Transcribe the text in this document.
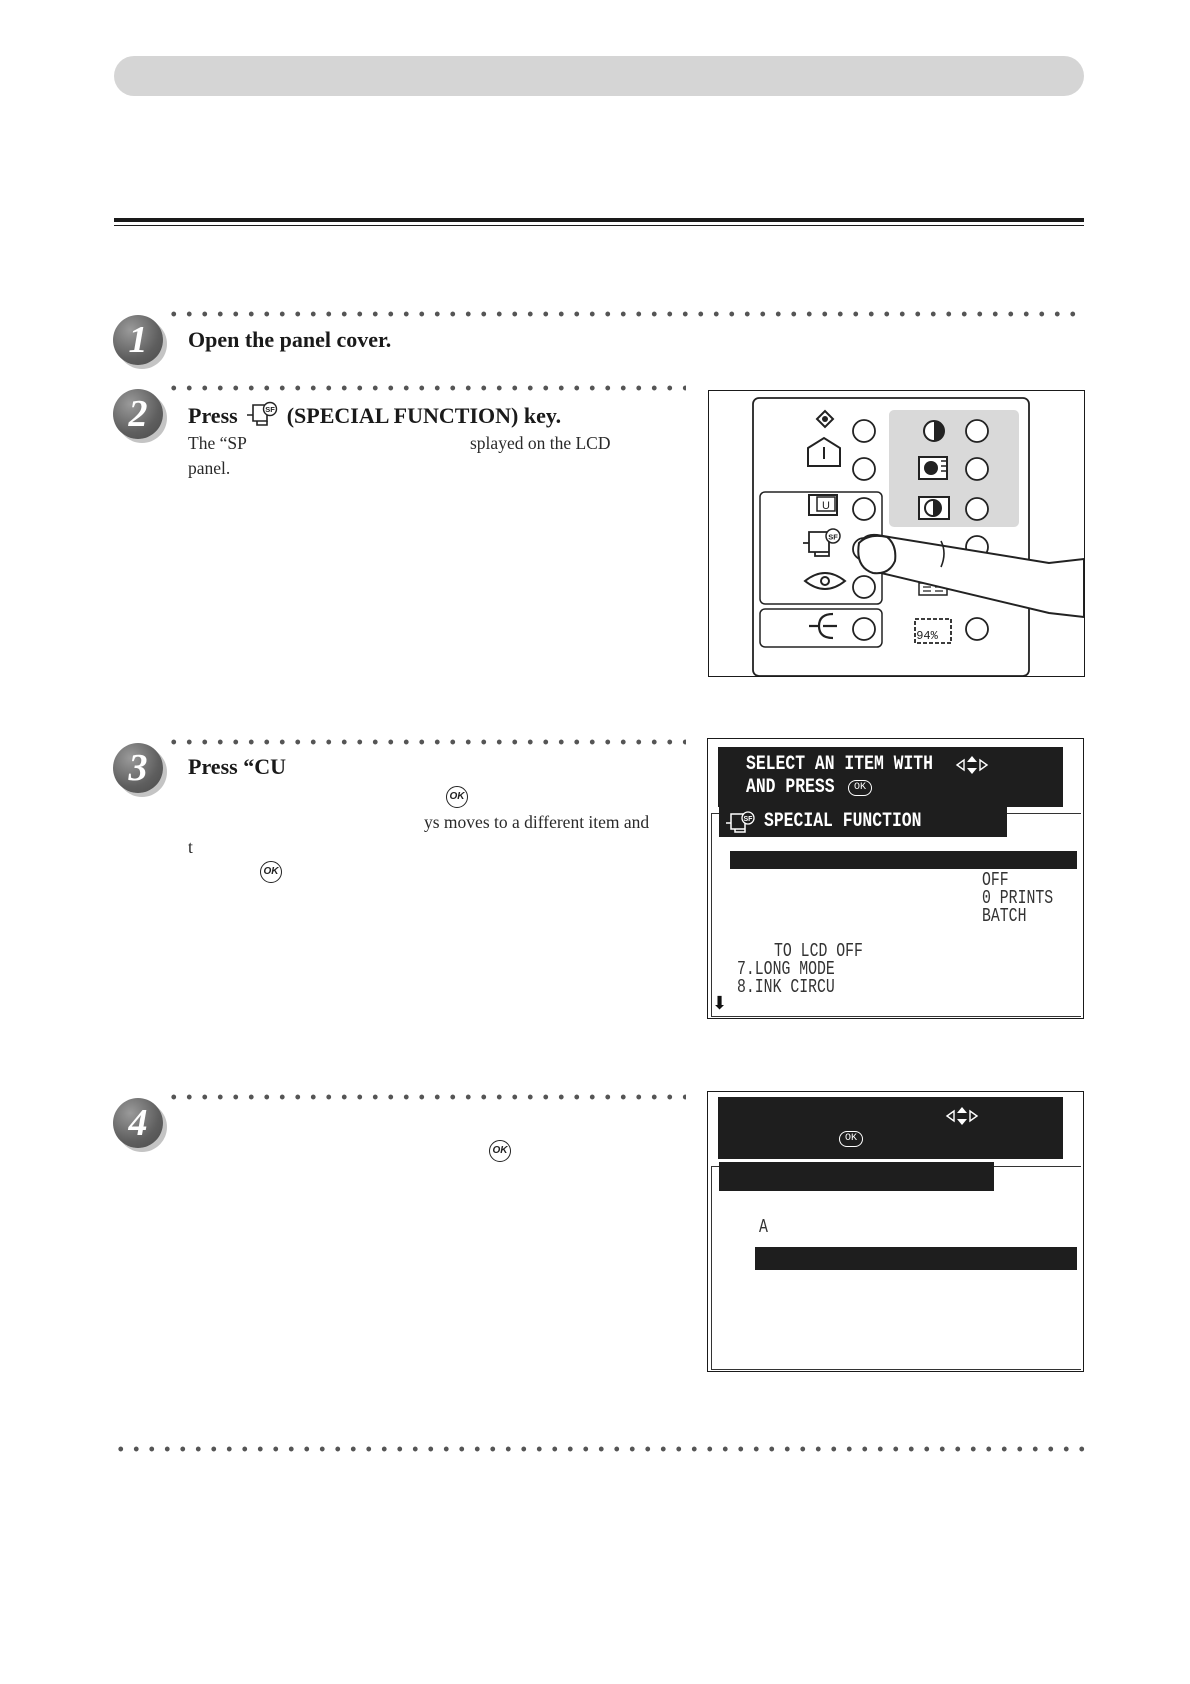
1	Open the panel cover.
2	Press	SF (SPECIAL FUNCTION) key.
The “SP	splayed on the LCD
panel.
U
SF
94%
3	Press “CU
OK
ys moves to a different item and
t
OK
SELECT AN ITEM WITH
AND PRESS	OK
SF SPECIAL FUNCTION
OFF
0 PRINTS
BATCH
TO LCD OFF
7.LONG MODE
8.INK CIRCU
⬇
4
OK
OK
A
